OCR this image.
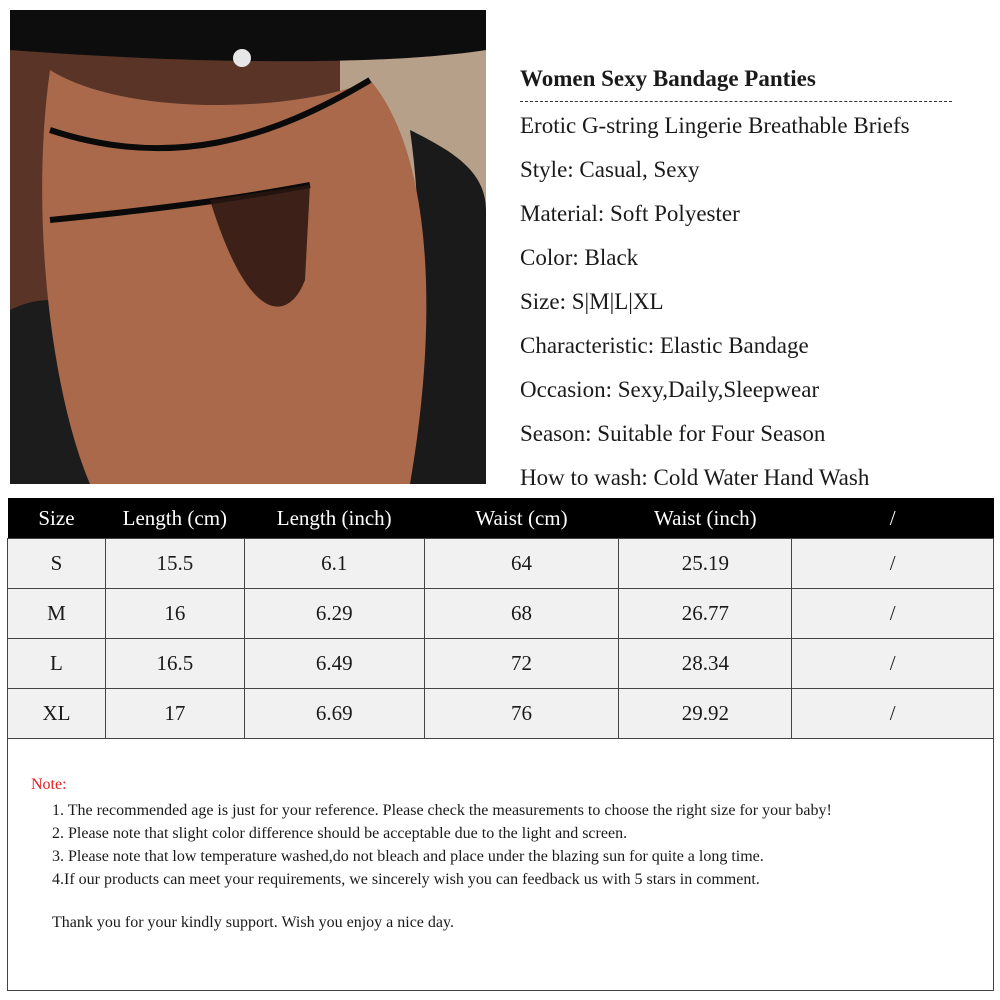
Women Sexy Bandage Panties
Erotic G-string Lingerie Breathable Briefs
Style: Casual, Sexy
Material: Soft Polyester
Color: Black
Size: S|M|L|XL
Characteristic: Elastic Bandage
Occasion: Sexy,Daily,Sleepwear
Season: Suitable for Four Season
How to wash: Cold Water Hand Wash
Size	Length (cm)	Length (inch)	Waist (cm)	Waist (inch)	/
S	15.5	6.1	64	25.19	/
M	16	6.29	68	26.77	/
L	16.5	6.49	72	28.34	/
XL	17	6.69	76	29.92	/
Note:
1. The recommended age is just for your reference. Please check the measurements to choose the right size for your baby!
2. Please note that slight color difference should be acceptable due to the light and screen.
3. Please note that low temperature washed,do not bleach and place under the blazing sun for quite a long time.
4.If our products can meet your requirements, we sincerely wish you can feedback us with 5 stars in comment.
Thank you for your kindly support. Wish you enjoy a nice day.
